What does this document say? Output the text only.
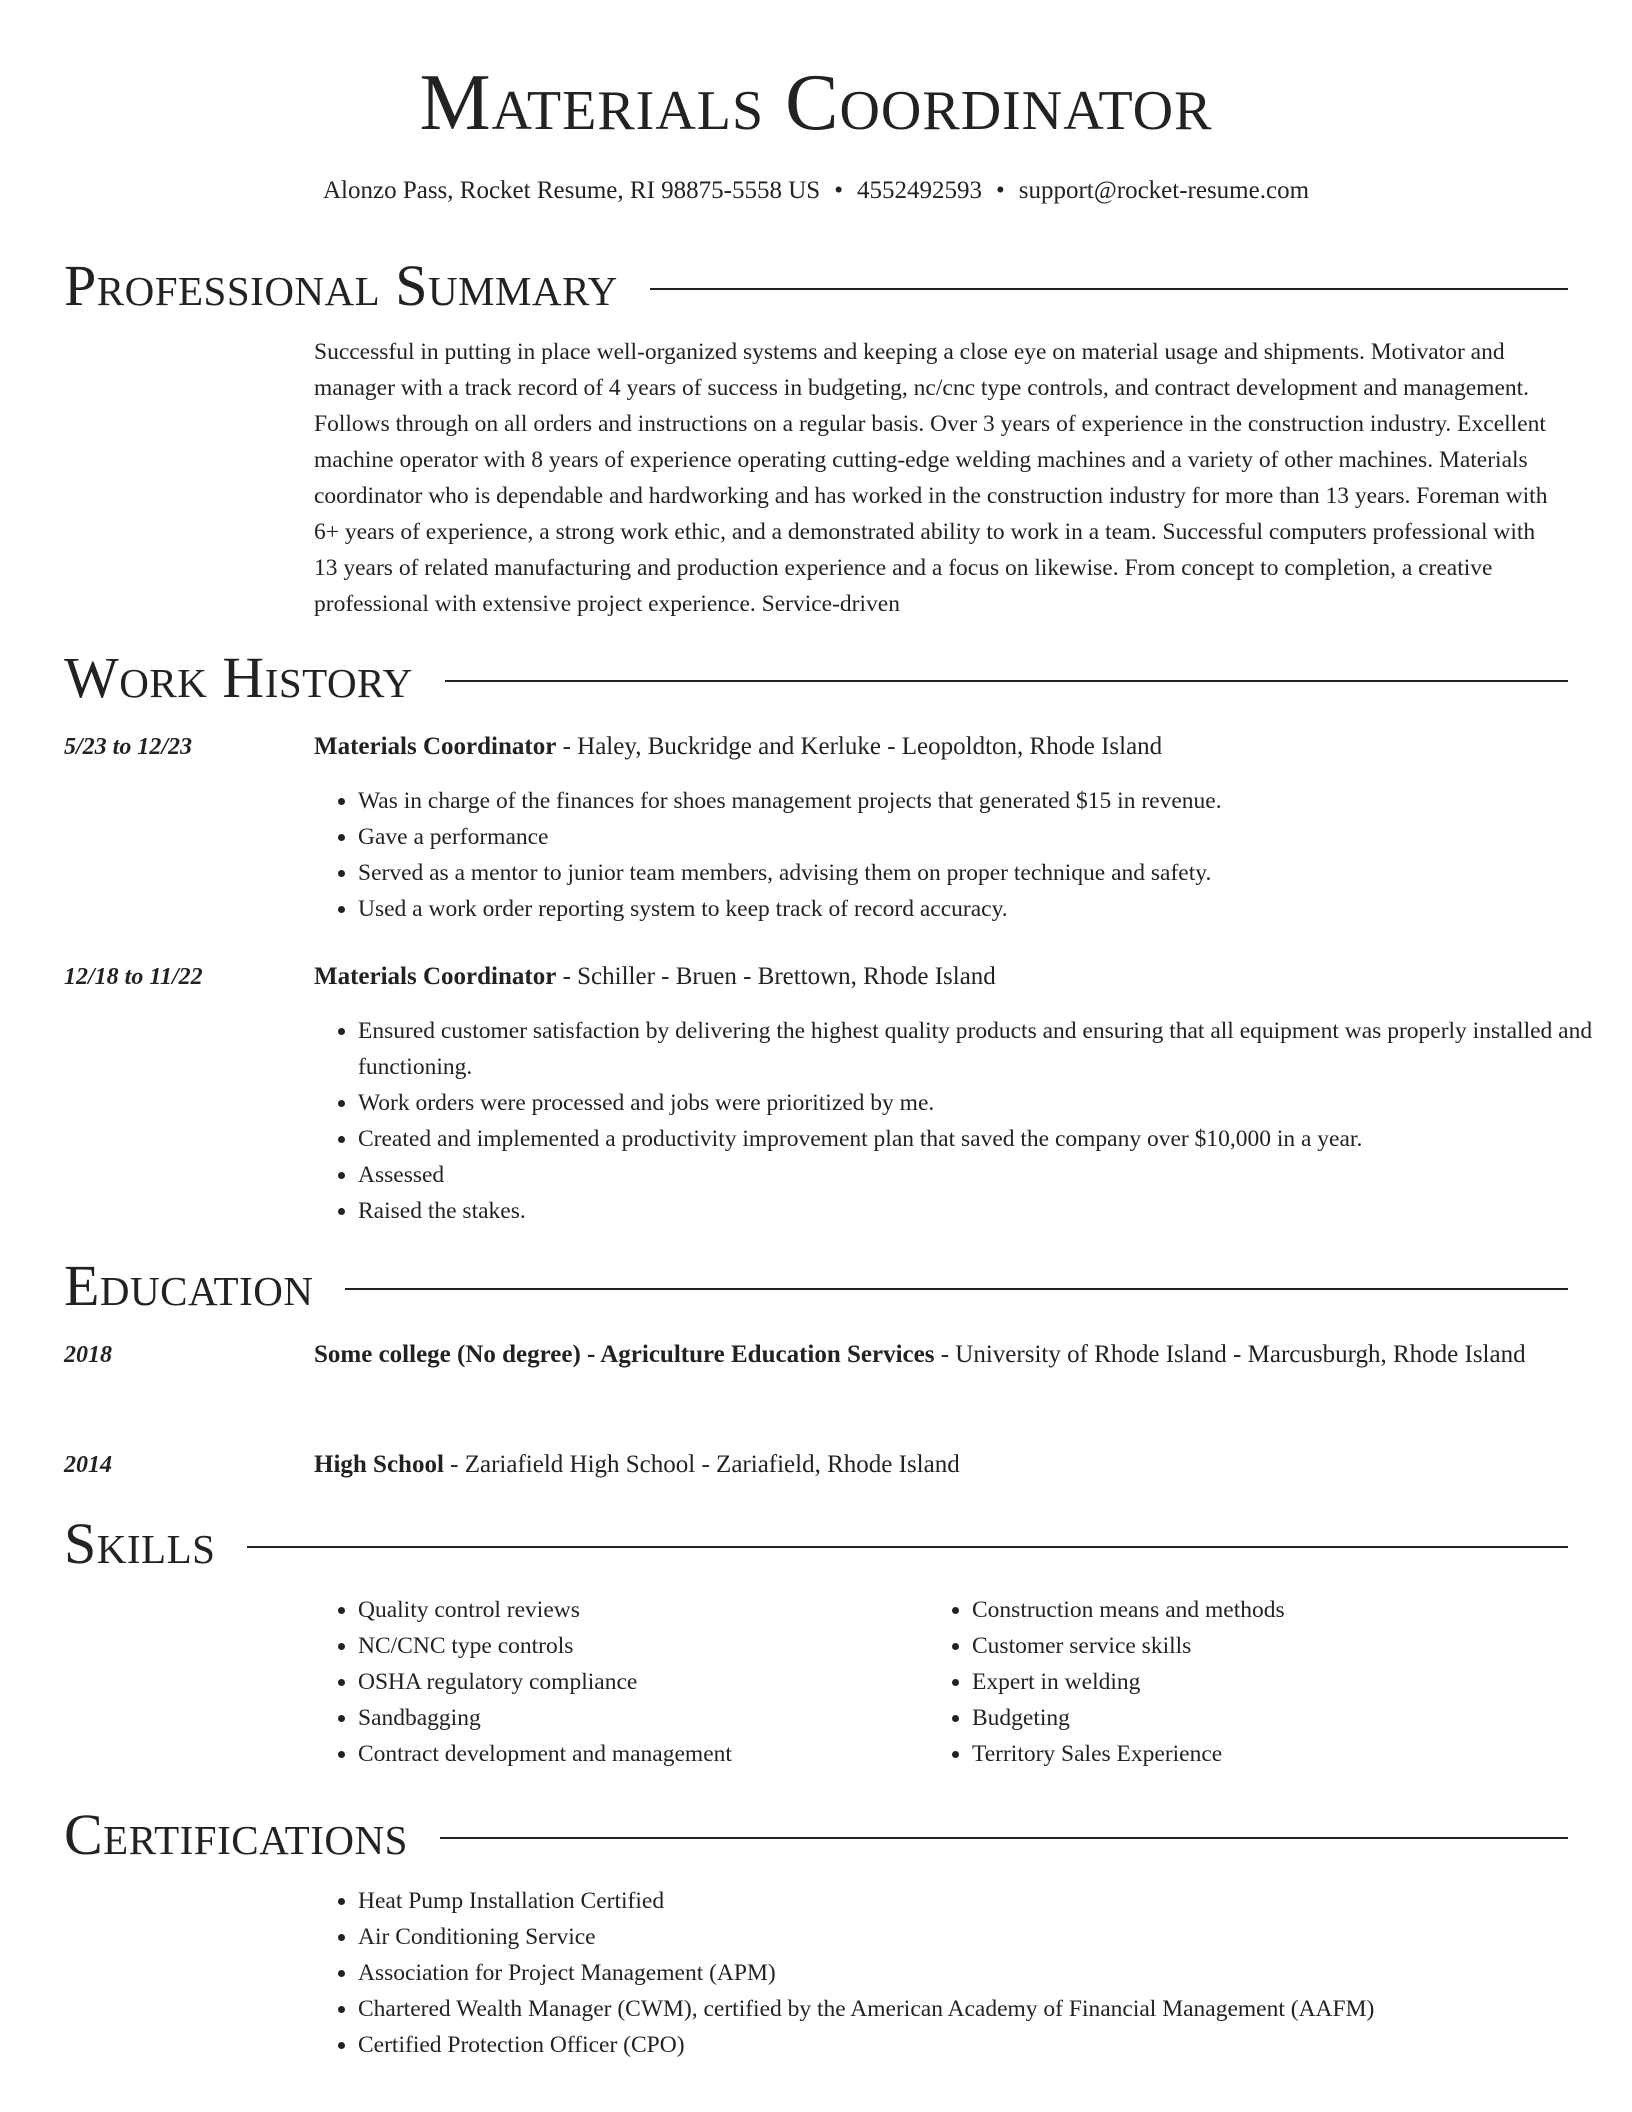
Materials Coordinator
Alonzo Pass, Rocket Resume, RI 98875-5558 US • 4552492593 • support@rocket-resume.com
Professional Summary

Successful in putting in place well-organized systems and keeping a close eye on material usage and shipments. Motivator and manager with a track record of 4 years of success in budgeting, nc/cnc type controls, and contract development and management. Follows through on all orders and instructions on a regular basis. Over 3 years of experience in the construction industry. Excellent machine operator with 8 years of experience operating cutting-edge welding machines and a variety of other machines. Materials coordinator who is dependable and hardworking and has worked in the construction industry for more than 13 years. Foreman with 6+ years of experience, a strong work ethic, and a demonstrated ability to work in a team. Successful computers professional with 13 years of related manufacturing and production experience and a focus on likewise. From concept to completion, a creative professional with extensive project experience. Service-driven

Work History
5/23 to 12/23	Materials Coordinator - Haley, Buckridge and Kerluke - Leopoldton, Rhode Island
• Was in charge of the finances for shoes management projects that generated $15 in revenue.
• Gave a performance
• Served as a mentor to junior team members, advising them on proper technique and safety.
• Used a work order reporting system to keep track of record accuracy.
12/18 to 11/22	Materials Coordinator - Schiller - Bruen - Brettown, Rhode Island
• Ensured customer satisfaction by delivering the highest quality products and ensuring that all equipment was properly installed and functioning.
• Work orders were processed and jobs were prioritized by me.
• Created and implemented a productivity improvement plan that saved the company over $10,000 in a year.
• Assessed
• Raised the stakes.
Education
2018	Some college (No degree) - Agriculture Education Services - University of Rhode Island - Marcusburgh, Rhode Island
2014	High School - Zariafield High School - Zariafield, Rhode Island
Skills
• Quality control reviews
• NC/CNC type controls
• OSHA regulatory compliance
• Sandbagging
• Contract development and management
• Construction means and methods
• Customer service skills
• Expert in welding
• Budgeting
• Territory Sales Experience
Certifications
• Heat Pump Installation Certified
• Air Conditioning Service
• Association for Project Management (APM)
• Chartered Wealth Manager (CWM), certified by the American Academy of Financial Management (AAFM)
• Certified Protection Officer (CPO)
